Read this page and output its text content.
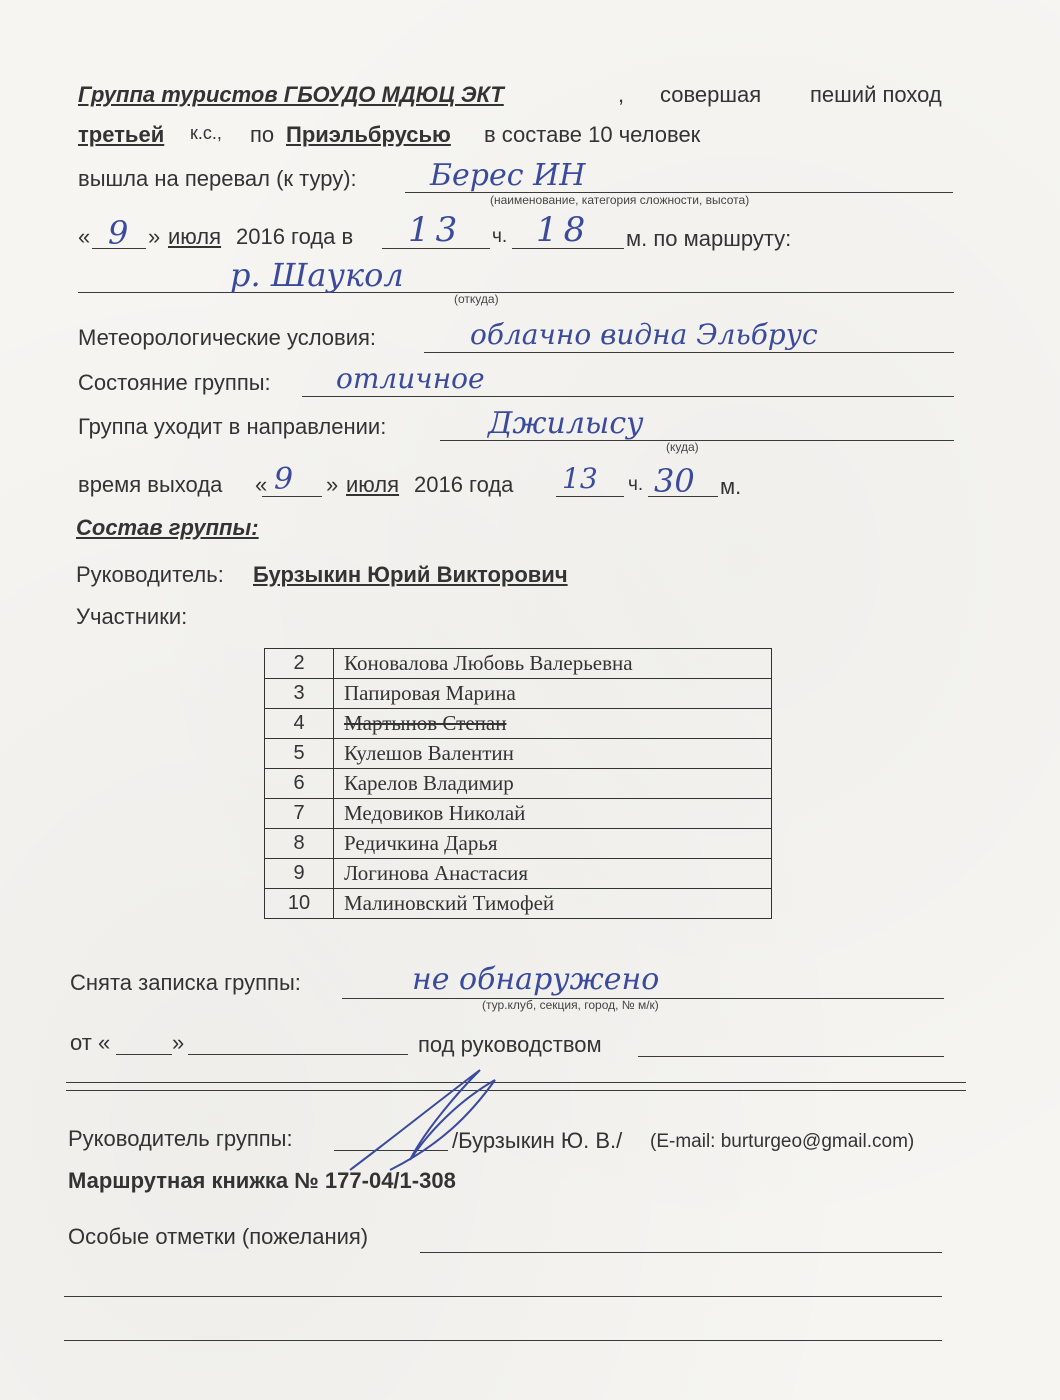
Группа туристов ГБОУДО МДЮЦ ЭКТ	, совершая пеший поход
третьей к.с., по Приэльбрусью в составе 10 человек
вышла на перевал (к туру): Берес ИН
(наименование, категория сложности, высота)
« 9 » июля 2016 года в 13 ч. 18 м. по маршруту:
р. Шаукол
(откуда)
Метеорологические условия:	облачно видна Эльбрус
Состояние группы: отличное
Группа уходит в направлении:	Джилысу
(куда)
время выхода « 9 » июля 2016 года 13 ч. 30 м.
Состав группы:
Руководитель: Бурзыкин Юрий Викторович
Участники:
2	Коновалова Любовь Валерьевна
3	Папировая Марина
4	Мартынов Степан
5	Кулешов Валентин
6	Карелов Владимир
7	Медовиков Николай
8	Редичкина Дарья
9	Логинова Анастасия
10	Малиновский Тимофей
Снята записка группы:	не обнаружено
(тур.клуб, секция, город, № м/к)
от «	»	под руководством
Руководитель группы:	/Бурзыкин Ю. В./ (E-mail: burturgeo@gmail.com)
Маршрутная книжка № 177-04/1-308
Особые отметки (пожелания)
